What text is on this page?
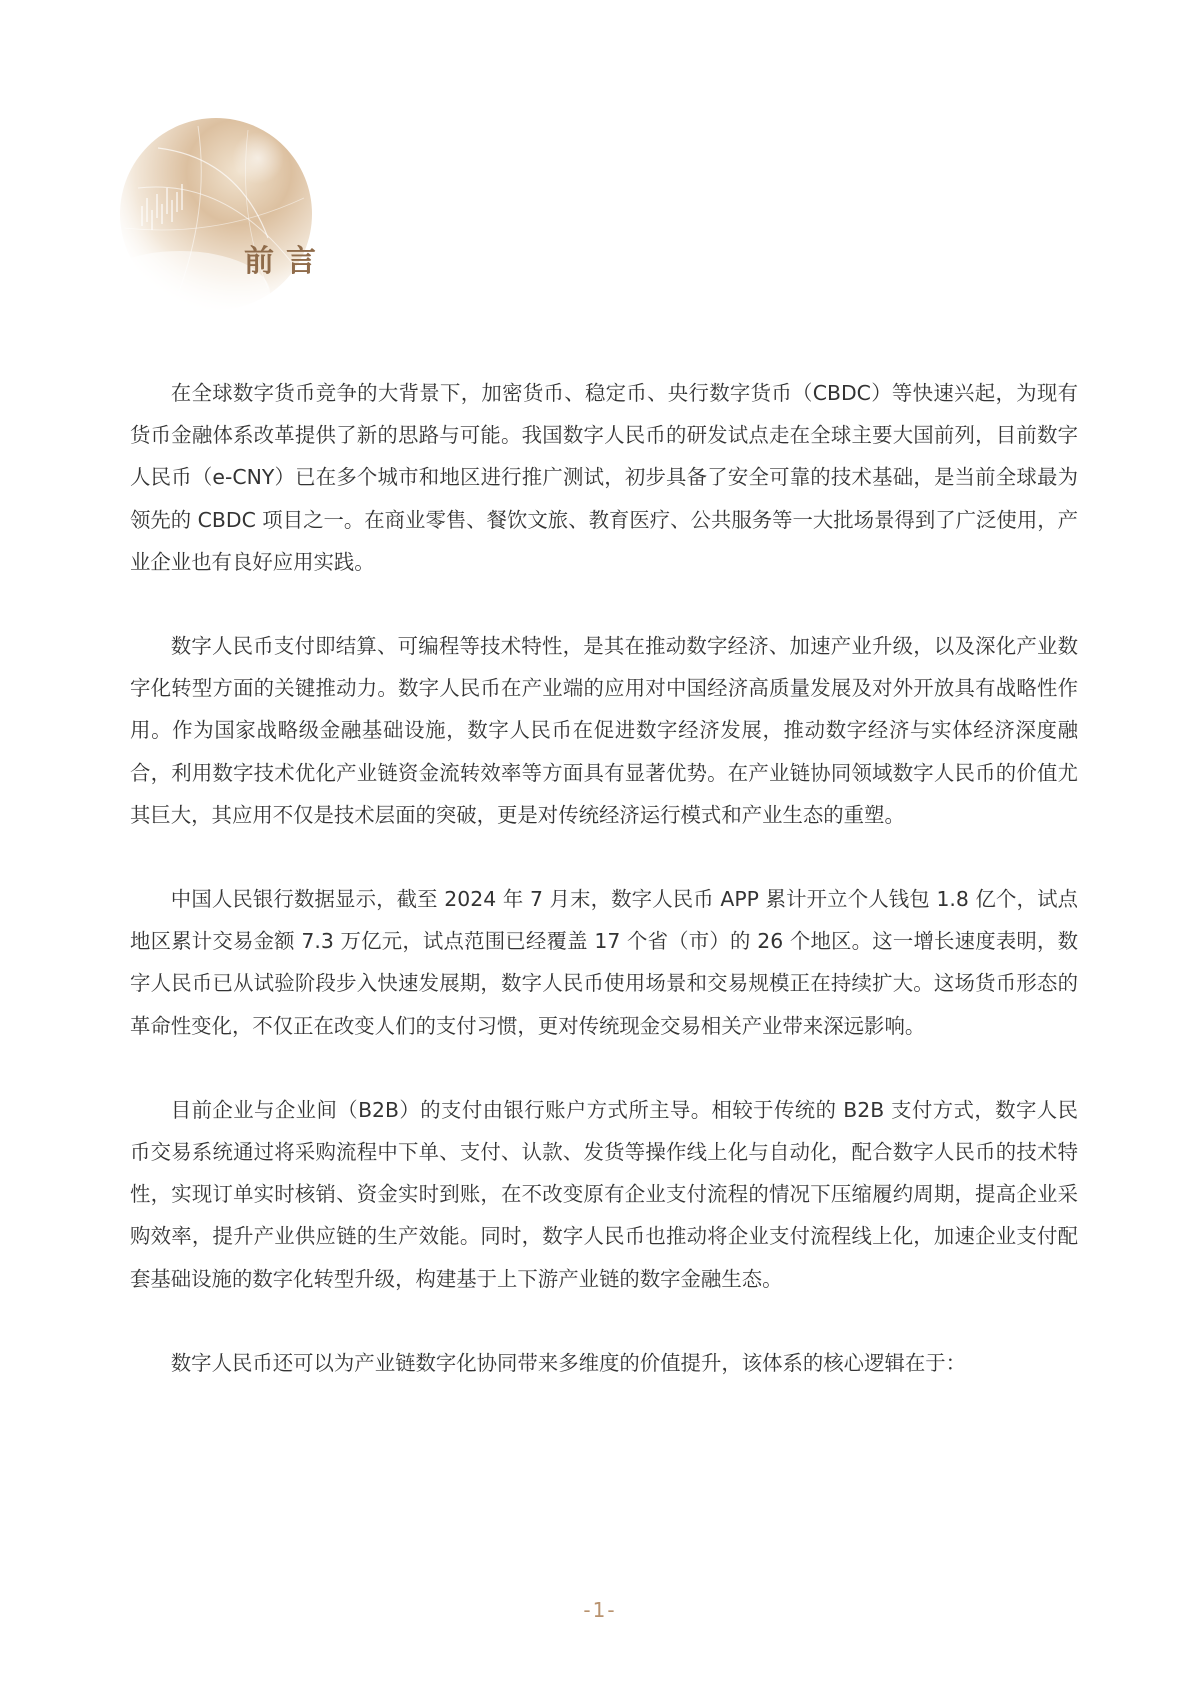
前言

在全球数字货币竞争的大背景下，加密货币、稳定币、央行数字货币（CBDC）等快速兴起，为现有货币金融体系改革提供了新的思路与可能。我国数字人民币的研发试点走在全球主要大国前列，目前数字人民币（e-CNY）已在多个城市和地区进行推广测试，初步具备了安全可靠的技术基础，是当前全球最为领先的 CBDC 项目之一。在商业零售、餐饮文旅、教育医疗、公共服务等一大批场景得到了广泛使用，产业企业也有良好应用实践。

数字人民币支付即结算、可编程等技术特性，是其在推动数字经济、加速产业升级，以及深化产业数字化转型方面的关键推动力。数字人民币在产业端的应用对中国经济高质量发展及对外开放具有战略性作用。作为国家战略级金融基础设施，数字人民币在促进数字经济发展，推动数字经济与实体经济深度融合，利用数字技术优化产业链资金流转效率等方面具有显著优势。在产业链协同领域数字人民币的价值尤其巨大，其应用不仅是技术层面的突破，更是对传统经济运行模式和产业生态的重塑。

中国人民银行数据显示，截至 2024 年 7 月末，数字人民币 APP 累计开立个人钱包 1.8 亿个，试点地区累计交易金额 7.3 万亿元，试点范围已经覆盖 17 个省（市）的 26 个地区。这一增长速度表明，数字人民币已从试验阶段步入快速发展期，数字人民币使用场景和交易规模正在持续扩大。这场货币形态的革命性变化，不仅正在改变人们的支付习惯，更对传统现金交易相关产业带来深远影响。

目前企业与企业间（B2B）的支付由银行账户方式所主导。相较于传统的 B2B 支付方式，数字人民币交易系统通过将采购流程中下单、支付、认款、发货等操作线上化与自动化，配合数字人民币的技术特性，实现订单实时核销、资金实时到账，在不改变原有企业支付流程的情况下压缩履约周期，提高企业采购效率，提升产业供应链的生产效能。同时，数字人民币也推动将企业支付流程线上化，加速企业支付配套基础设施的数字化转型升级，构建基于上下游产业链的数字金融生态。

数字人民币还可以为产业链数字化协同带来多维度的价值提升，该体系的核心逻辑在于：

-1-
